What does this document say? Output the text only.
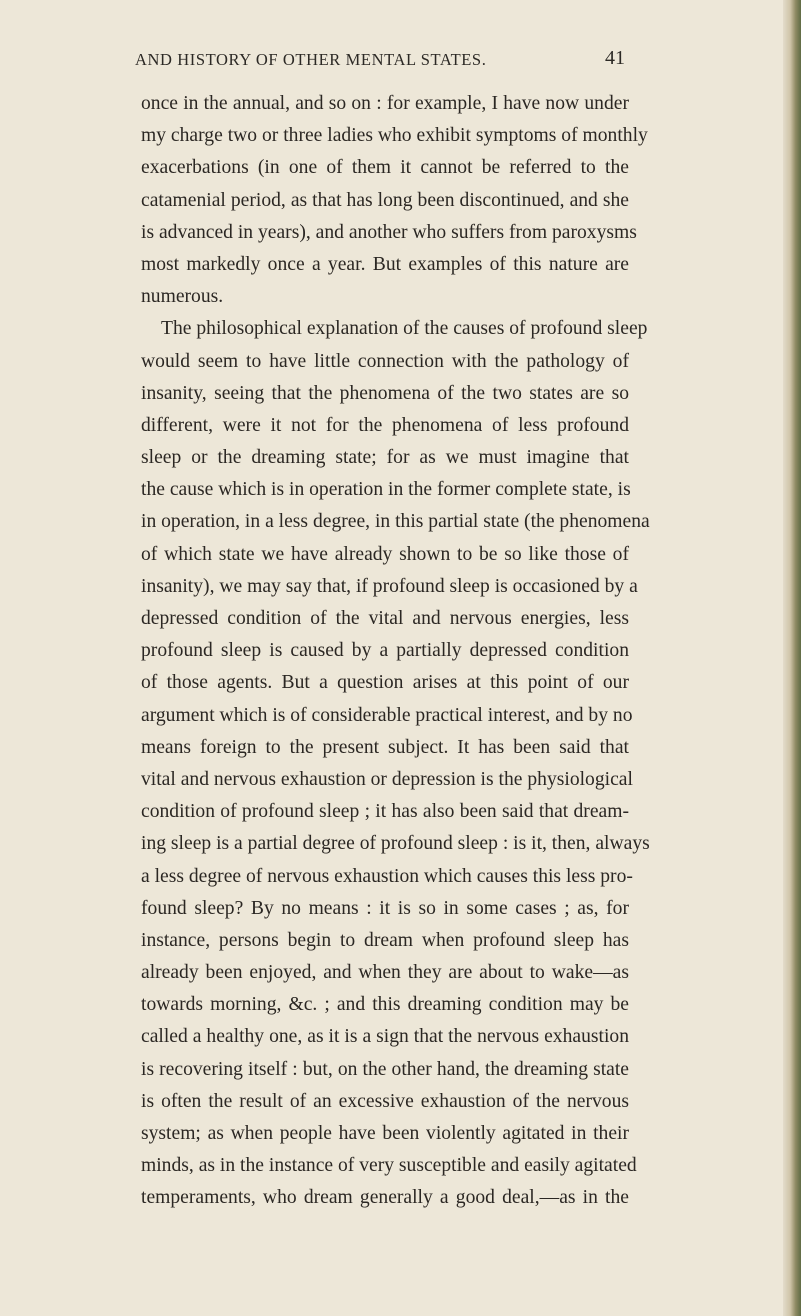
AND HISTORY OF OTHER MENTAL STATES.	41
once in the annual, and so on : for example, I have now under
my charge two or three ladies who exhibit symptoms of monthly
exacerbations (in one of them it cannot be referred to the
catamenial period, as that has long been discontinued, and she
is advanced in years), and another who suffers from paroxysms
most markedly once a year. But examples of this nature are
numerous.
The philosophical explanation of the causes of profound sleep
would seem to have little connection with the pathology of
insanity, seeing that the phenomena of the two states are so
different, were it not for the phenomena of less profound
sleep or the dreaming state; for as we must imagine that
the cause which is in operation in the former complete state, is
in operation, in a less degree, in this partial state (the phenomena
of which state we have already shown to be so like those of
insanity), we may say that, if profound sleep is occasioned by a
depressed condition of the vital and nervous energies, less
profound sleep is caused by a partially depressed condition
of those agents. But a question arises at this point of our
argument which is of considerable practical interest, and by no
means foreign to the present subject. It has been said that
vital and nervous exhaustion or depression is the physiological
condition of profound sleep ; it has also been said that dream-
ing sleep is a partial degree of profound sleep : is it, then, always
a less degree of nervous exhaustion which causes this less pro-
found sleep? By no means : it is so in some cases ; as, for
instance, persons begin to dream when profound sleep has
already been enjoyed, and when they are about to wake—as
towards morning, &c. ; and this dreaming condition may be
called a healthy one, as it is a sign that the nervous exhaustion
is recovering itself : but, on the other hand, the dreaming state
is often the result of an excessive exhaustion of the nervous
system; as when people have been violently agitated in their
minds, as in the instance of very susceptible and easily agitated
temperaments, who dream generally a good deal,—as in the
